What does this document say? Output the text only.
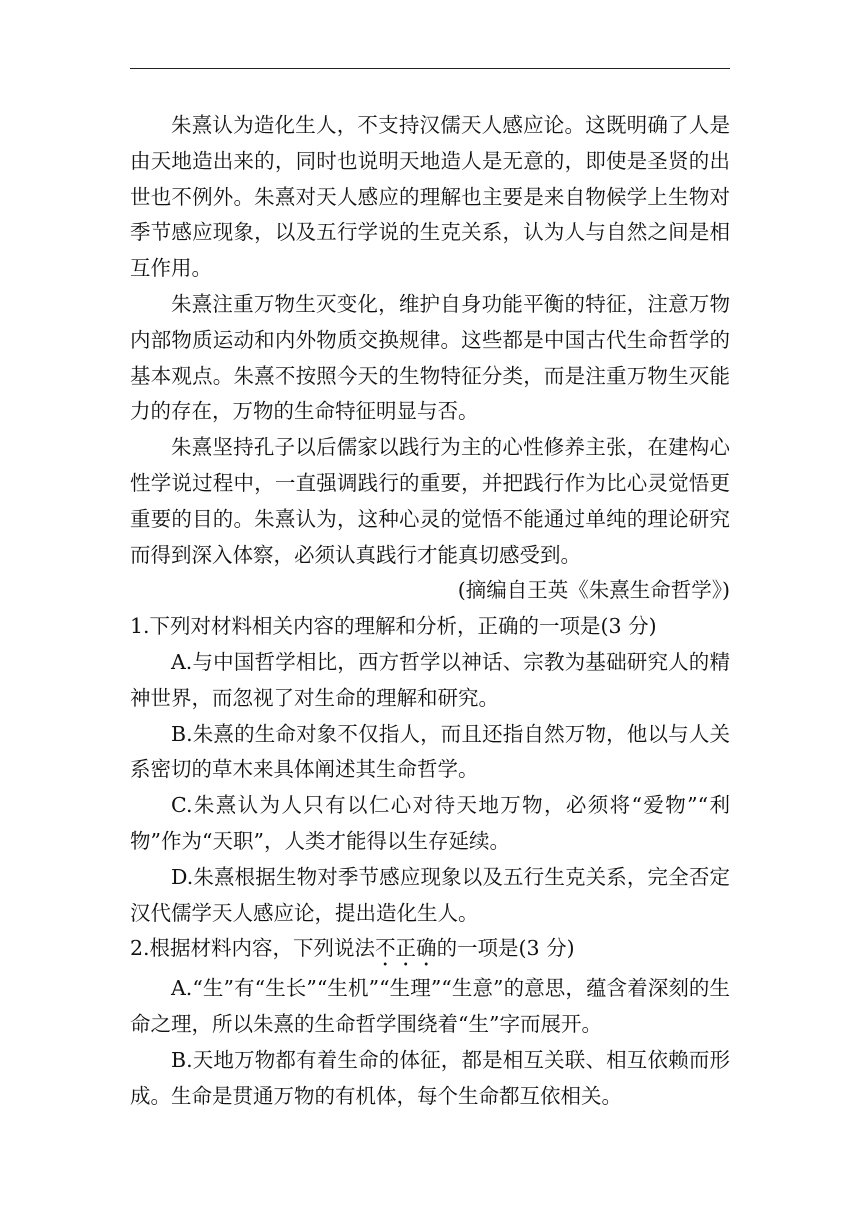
朱熹认为造化生人，不支持汉儒天人感应论。这既明确了人是由天地造出来的，同时也说明天地造人是无意的，即使是圣贤的出世也不例外。朱熹对天人感应的理解也主要是来自物候学上生物对季节感应现象，以及五行学说的生克关系，认为人与自然之间是相互作用。

朱熹注重万物生灭变化，维护自身功能平衡的特征，注意万物内部物质运动和内外物质交换规律。这些都是中国古代生命哲学的基本观点。朱熹不按照今天的生物特征分类，而是注重万物生灭能力的存在，万物的生命特征明显与否。

朱熹坚持孔子以后儒家以践行为主的心性修养主张，在建构心性学说过程中，一直强调践行的重要，并把践行作为比心灵觉悟更重要的目的。朱熹认为，这种心灵的觉悟不能通过单纯的理论研究而得到深入体察，必须认真践行才能真切感受到。

(摘编自王英《朱熹生命哲学》)

1.下列对材料相关内容的理解和分析，正确的一项是(3 分)

A.与中国哲学相比，西方哲学以神话、宗教为基础研究人的精神世界，而忽视了对生命的理解和研究。

B.朱熹的生命对象不仅指人，而且还指自然万物，他以与人关系密切的草木来具体阐述其生命哲学。

C.朱熹认为人只有以仁心对待天地万物，必须将“爱物”“利物”作为“天职”，人类才能得以生存延续。

D.朱熹根据生物对季节感应现象以及五行生克关系，完全否定汉代儒学天人感应论，提出造化生人。

2.根据材料内容，下列说法不正确的一项是(3 分)

A.“生”有“生长”“生机”“生理”“生意”的意思，蕴含着深刻的生命之理，所以朱熹的生命哲学围绕着“生”字而展开。

B.天地万物都有着生命的体征，都是相互关联、相互依赖而形成。生命是贯通万物的有机体，每个生命都互依相关。
